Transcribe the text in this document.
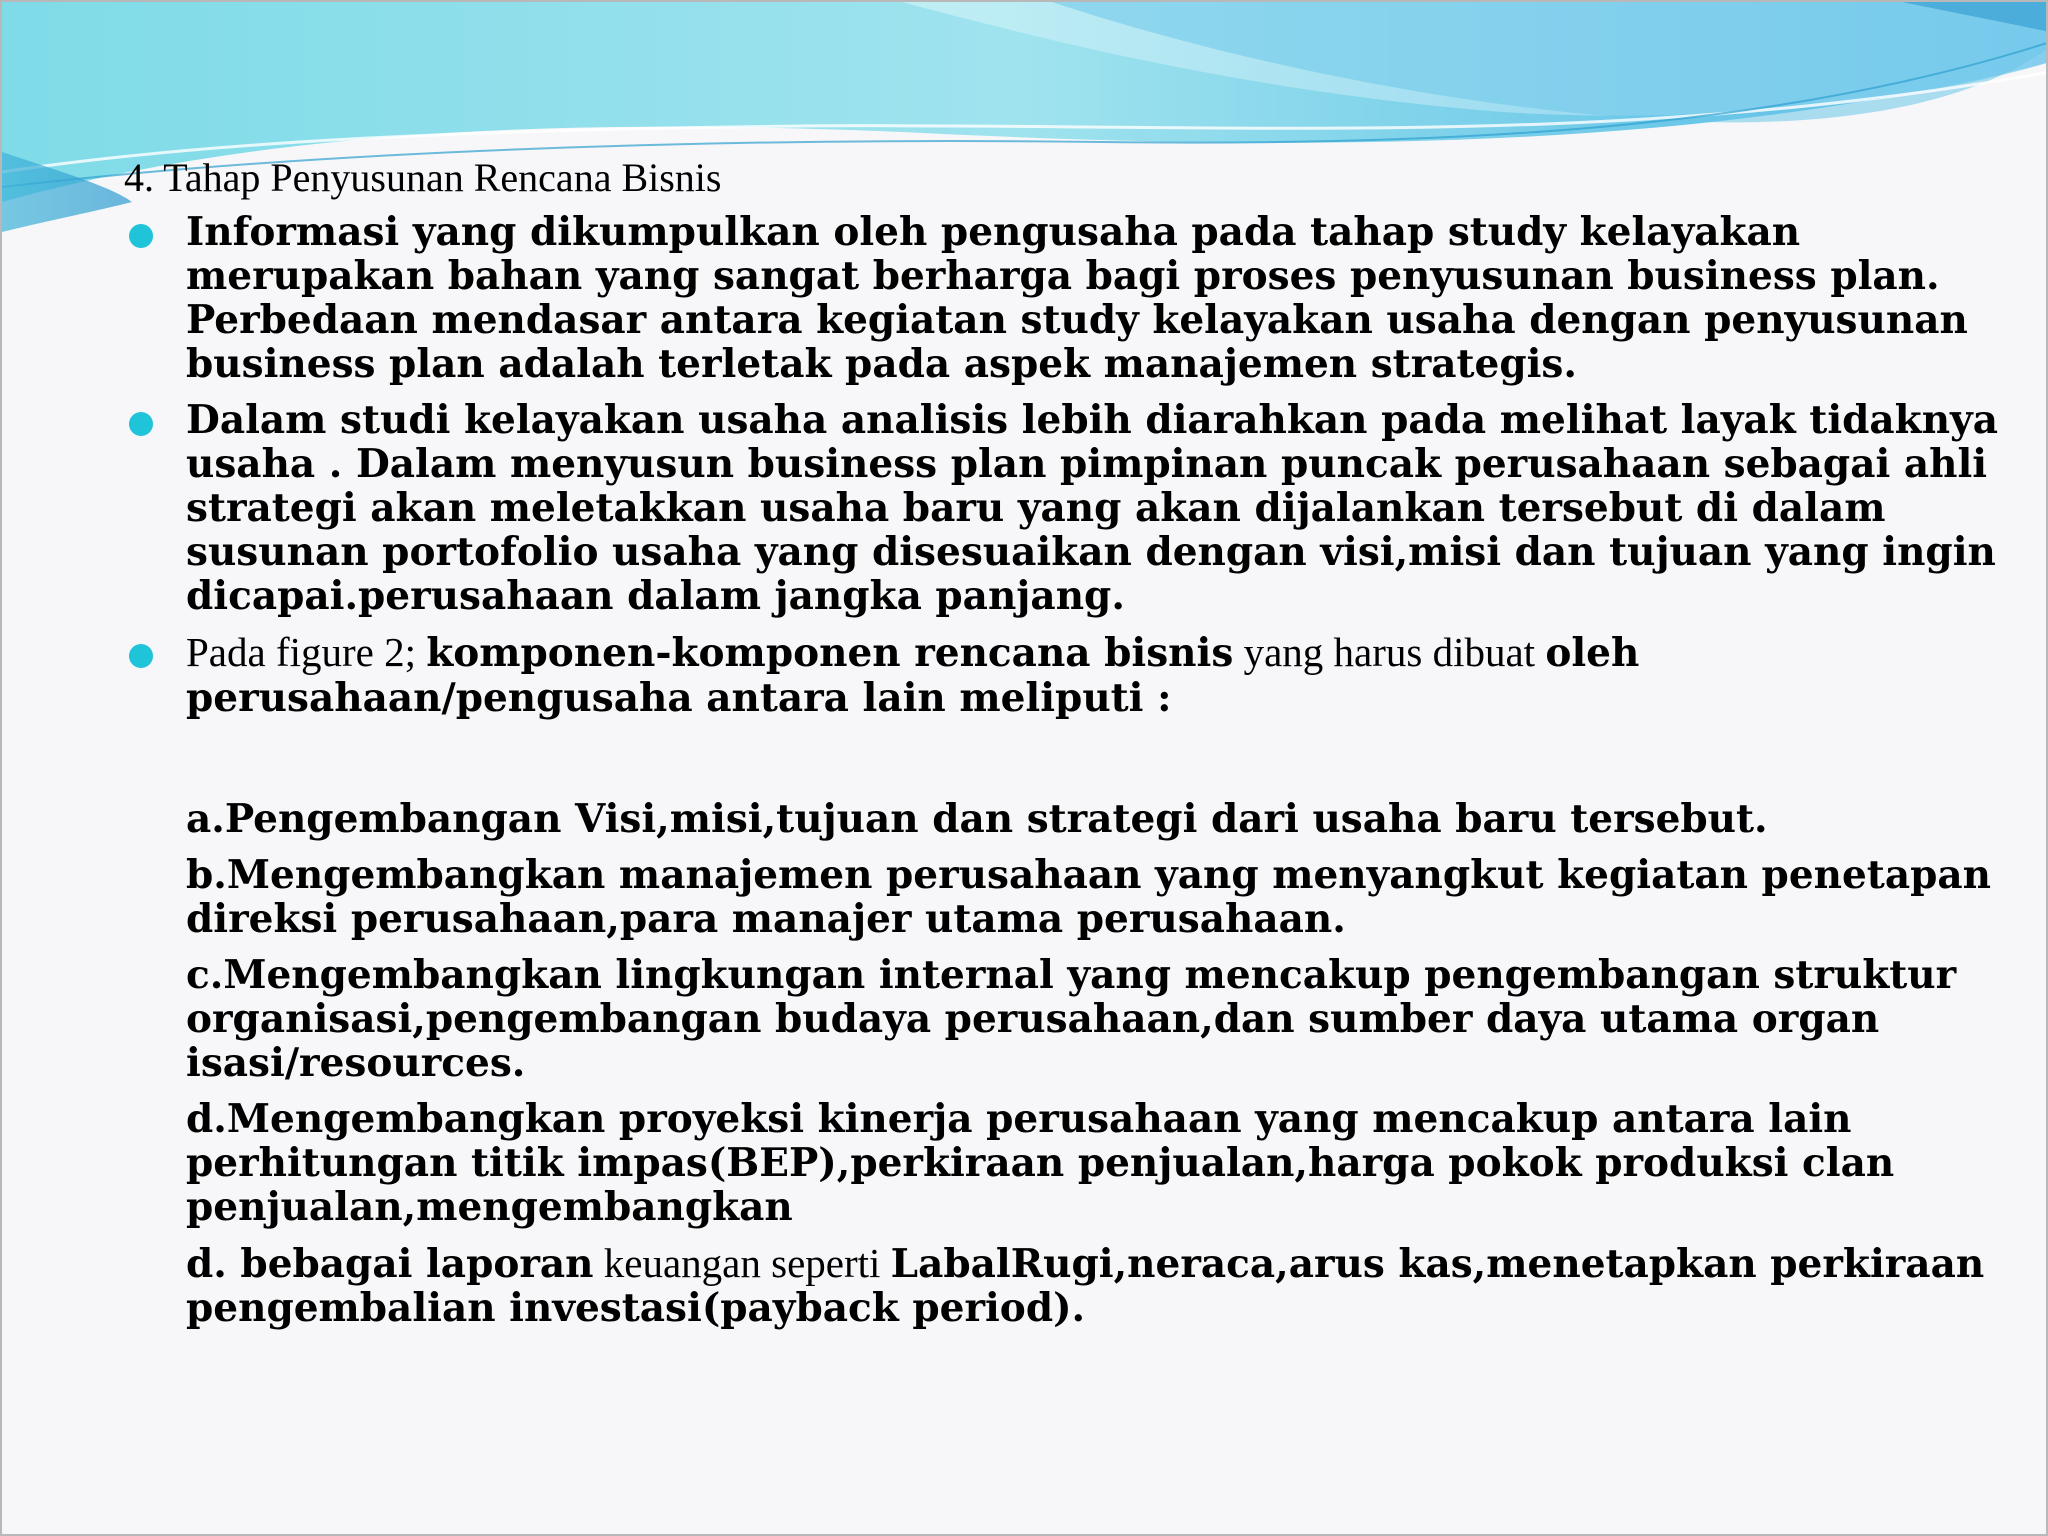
4. Tahap Penyusunan Rencana Bisnis
Informasi yang dikumpulkan oleh pengusaha pada tahap study kelayakan merupakan bahan yang sangat berharga bagi proses penyusunan business plan. Perbedaan mendasar antara kegiatan study kelayakan usaha dengan penyusunan business plan adalah terletak pada aspek manajemen strategis.
Dalam studi kelayakan usaha analisis lebih diarahkan pada melihat layak tidaknya usaha . Dalam menyusun business plan pimpinan puncak perusahaan sebagai ahli strategi akan meletakkan usaha baru yang akan dijalankan tersebut di dalam susunan portofolio usaha yang disesuaikan dengan visi,misi dan tujuan yang ingin dicapai.perusahaan dalam jangka panjang.
Pada figure 2; komponen-komponen rencana bisnis yang harus dibuat oleh perusahaan/pengusaha antara lain meliputi :

a.Pengembangan Visi,misi,tujuan dan strategi dari usaha baru tersebut.

b.Mengembangkan manajemen perusahaan yang menyangkut kegiatan penetapan direksi perusahaan,para manajer utama perusahaan.

c.Mengembangkan lingkungan internal yang mencakup pengembangan struktur organisasi,pengembangan budaya perusahaan,dan sumber daya utama organ isasi/resources.

d.Mengembangkan proyeksi kinerja perusahaan yang mencakup antara lain perhitungan titik impas(BEP),perkiraan penjualan,harga pokok produksi clan penjualan,mengembangkan

d. bebagai laporan keuangan seperti LabalRugi,neraca,arus kas,menetapkan perkiraan pengembalian investasi(payback period).
